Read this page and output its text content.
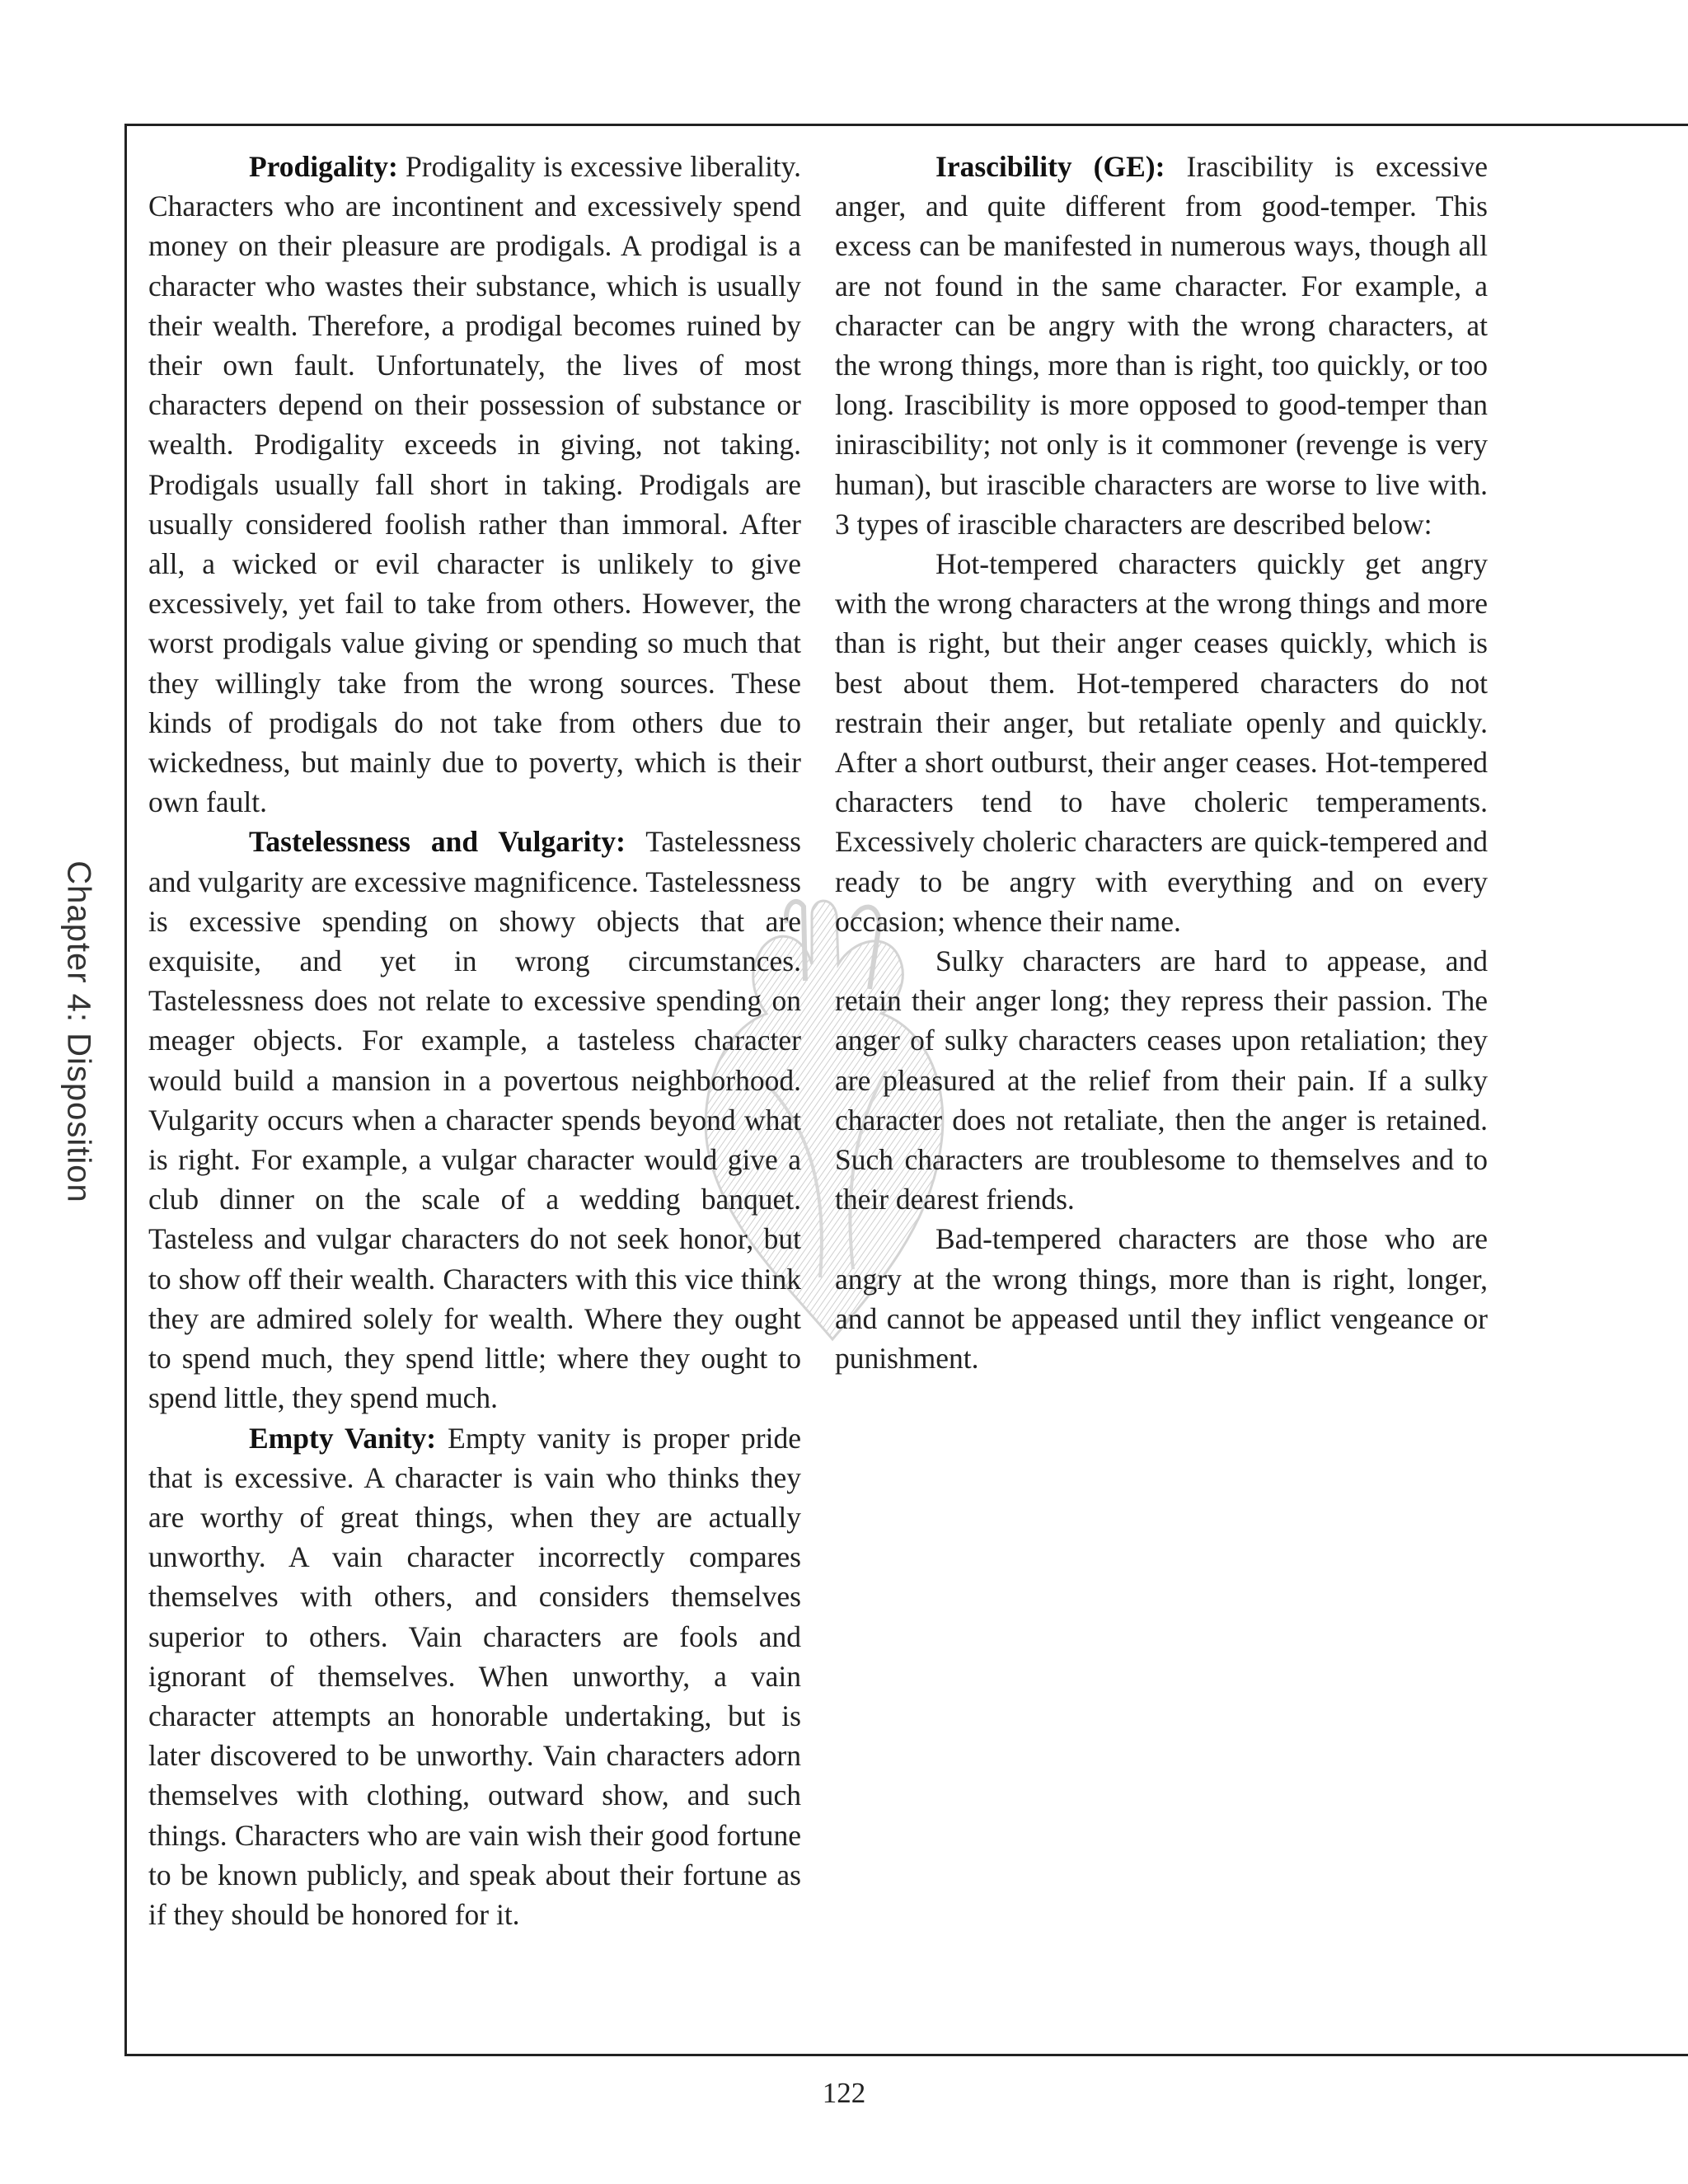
Chapter 4: Disposition

Prodigality: Prodigality is excessive liberality. Characters who are incontinent and excessively spend money on their pleasure are prodigals. A prodigal is a character who wastes their substance, which is usually their wealth. Therefore, a prodigal becomes ruined by their own fault. Unfortunately, the lives of most characters depend on their possession of substance or wealth. Prodigality exceeds in giving, not taking. Prodigals usually fall short in taking. Prodigals are usually considered foolish rather than immoral. After all, a wicked or evil character is unlikely to give excessively, yet fail to take from others. However, the worst prodigals value giving or spending so much that they willingly take from the wrong sources. These kinds of prodigals do not take from others due to wickedness, but mainly due to poverty, which is their own fault.

Tastelessness and Vulgarity: Tastelessness and vulgarity are excessive magnificence. Tastelessness is excessive spending on showy objects that are exquisite, and yet in wrong circumstances. Tastelessness does not relate to excessive spending on meager objects. For example, a tasteless character would build a mansion in a povertous neighborhood. Vulgarity occurs when a character spends beyond what is right. For example, a vulgar character would give a club dinner on the scale of a wedding banquet. Tasteless and vulgar characters do not seek honor, but to show off their wealth. Characters with this vice think they are admired solely for wealth. Where they ought to spend much, they spend little; where they ought to spend little, they spend much.

Empty Vanity: Empty vanity is proper pride that is excessive. A character is vain who thinks they are worthy of great things, when they are actually unworthy. A vain character incorrectly compares themselves with others, and considers themselves superior to others. Vain characters are fools and ignorant of themselves. When unworthy, a vain character attempts an honorable undertaking, but is later discovered to be unworthy. Vain characters adorn themselves with clothing, outward show, and such things. Characters who are vain wish their good fortune to be known publicly, and speak about their fortune as if they should be honored for it.

Irascibility (GE): Irascibility is excessive anger, and quite different from good-temper. This excess can be manifested in numerous ways, though all are not found in the same character. For example, a character can be angry with the wrong characters, at the wrong things, more than is right, too quickly, or too long. Irascibility is more opposed to good-temper than inirascibility; not only is it commoner (revenge is very human), but irascible characters are worse to live with. 3 types of irascible characters are described below:

Hot-tempered characters quickly get angry with the wrong characters at the wrong things and more than is right, but their anger ceases quickly, which is best about them. Hot-tempered characters do not restrain their anger, but retaliate openly and quickly. After a short outburst, their anger ceases. Hot-tempered characters tend to have choleric temperaments. Excessively choleric characters are quick-tempered and ready to be angry with everything and on every occasion; whence their name.

Sulky characters are hard to appease, and retain their anger long; they repress their passion. The anger of sulky characters ceases upon retaliation; they are pleasured at the relief from their pain. If a sulky character does not retaliate, then the anger is retained. Such characters are troublesome to themselves and to their dearest friends.

Bad-tempered characters are those who are angry at the wrong things, more than is right, longer, and cannot be appeased until they inflict vengeance or punishment.

122
